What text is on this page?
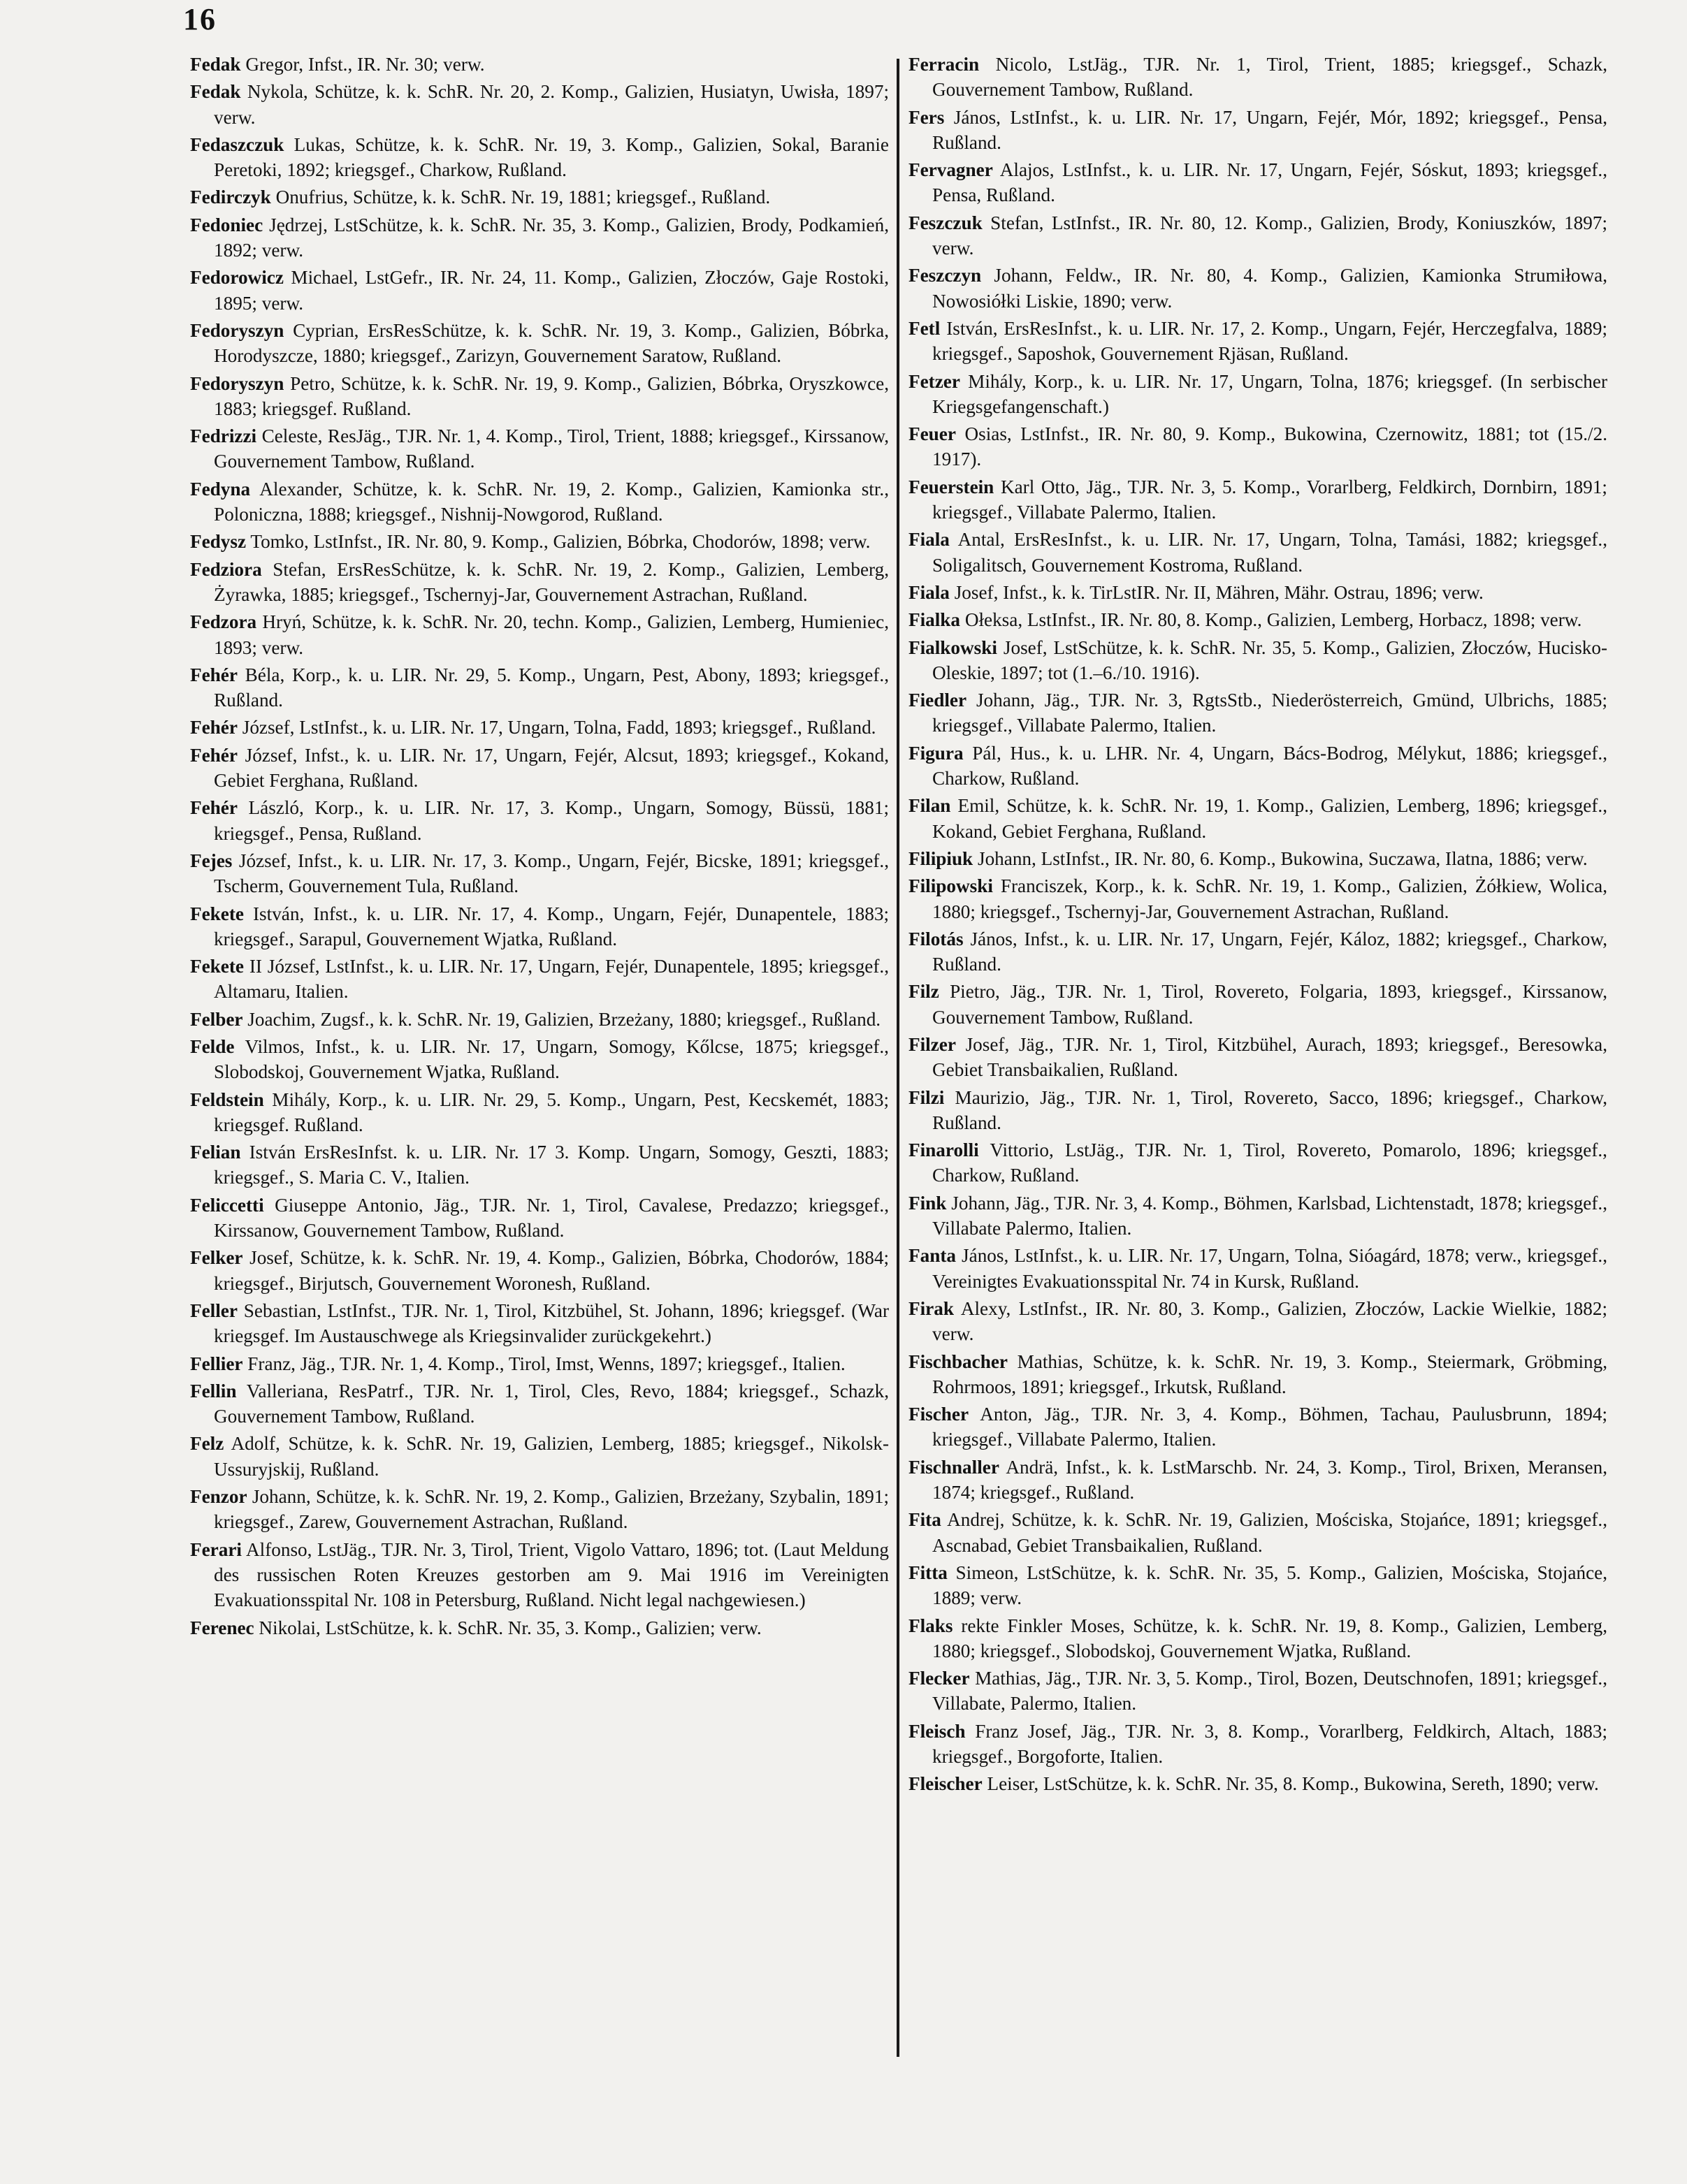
16
Fedak Gregor, Infst., IR. Nr. 30; verw.
Fedak Nykola, Schütze, k. k. SchR. Nr. 20, 2. Komp., Galizien, Husiatyn, Uwisła, 1897; verw.
Fedaszczuk Lukas, Schütze, k. k. SchR. Nr. 19, 3. Komp., Galizien, Sokal, Baranie Peretoki, 1892; kriegsgef., Charkow, Rußland.
Fedirczyk Onufrius, Schütze, k. k. SchR. Nr. 19, 1881; kriegsgef., Rußland.
Fedoniec Jędrzej, LstSchütze, k. k. SchR. Nr. 35, 3. Komp., Galizien, Brody, Podkamień, 1892; verw.
Fedorowicz Michael, LstGefr., IR. Nr. 24, 11. Komp., Galizien, Złoczów, Gaje Rostoki, 1895; verw.
Fedoryszyn Cyprian, ErsResSchütze, k. k. SchR. Nr. 19, 3. Komp., Galizien, Bóbrka, Horodyszcze, 1880; kriegsgef., Zarizyn, Gouvernement Saratow, Rußland.
Fedoryszyn Petro, Schütze, k. k. SchR. Nr. 19, 9. Komp., Galizien, Bóbrka, Oryszkowce, 1883; kriegsgef. Rußland.
Fedrizzi Celeste, ResJäg., TJR. Nr. 1, 4. Komp., Tirol, Trient, 1888; kriegsgef., Kirssanow, Gouvernement Tambow, Rußland.
Fedyna Alexander, Schütze, k. k. SchR. Nr. 19, 2. Komp., Galizien, Kamionka str., Poloniczna, 1888; kriegsgef., Nishnij-Nowgorod, Rußland.
Fedysz Tomko, LstInfst., IR. Nr. 80, 9. Komp., Galizien, Bóbrka, Chodorów, 1898; verw.
Fedziora Stefan, ErsResSchütze, k. k. SchR. Nr. 19, 2. Komp., Galizien, Lemberg, Żyrawka, 1885; kriegsgef., Tschernyj-Jar, Gouvernement Astrachan, Rußland.
Fedzora Hryń, Schütze, k. k. SchR. Nr. 20, techn. Komp., Galizien, Lemberg, Humieniec, 1893; verw.
Fehér Béla, Korp., k. u. LIR. Nr. 29, 5. Komp., Ungarn, Pest, Abony, 1893; kriegsgef., Rußland.
Fehér József, LstInfst., k. u. LIR. Nr. 17, Ungarn, Tolna, Fadd, 1893; kriegsgef., Rußland.
Fehér József, Infst., k. u. LIR. Nr. 17, Ungarn, Fejér, Alcsut, 1893; kriegsgef., Kokand, Gebiet Ferghana, Rußland.
Fehér László, Korp., k. u. LIR. Nr. 17, 3. Komp., Ungarn, Somogy, Büssü, 1881; kriegsgef., Pensa, Rußland.
Fejes József, Infst., k. u. LIR. Nr. 17, 3. Komp., Ungarn, Fejér, Bicske, 1891; kriegsgef., Tscherm, Gouvernement Tula, Rußland.
Fekete István, Infst., k. u. LIR. Nr. 17, 4. Komp., Ungarn, Fejér, Dunapentele, 1883; kriegsgef., Sarapul, Gouvernement Wjatka, Rußland.
Fekete II József, LstInfst., k. u. LIR. Nr. 17, Ungarn, Fejér, Dunapentele, 1895; kriegsgef., Altamaru, Italien.
Felber Joachim, Zugsf., k. k. SchR. Nr. 19, Galizien, Brzeżany, 1880; kriegsgef., Rußland.
Felde Vilmos, Infst., k. u. LIR. Nr. 17, Ungarn, Somogy, Kőlcse, 1875; kriegsgef., Slobodskoj, Gouvernement Wjatka, Rußland.
Feldstein Mihály, Korp., k. u. LIR. Nr. 29, 5. Komp., Ungarn, Pest, Kecskemét, 1883; kriegsgef. Rußland.
Felian István ErsResInfst. k. u. LIR. Nr. 17 3. Komp. Ungarn, Somogy, Geszti, 1883; kriegsgef., S. Maria C. V., Italien.
Feliccetti Giuseppe Antonio, Jäg., TJR. Nr. 1, Tirol, Cavalese, Predazzo; kriegsgef., Kirssanow, Gouvernement Tambow, Rußland.
Felker Josef, Schütze, k. k. SchR. Nr. 19, 4. Komp., Galizien, Bóbrka, Chodorów, 1884; kriegsgef., Birjutsch, Gouvernement Woronesh, Rußland.
Feller Sebastian, LstInfst., TJR. Nr. 1, Tirol, Kitzbühel, St. Johann, 1896; kriegsgef. (War kriegsgef. Im Austauschwege als Kriegsinvalider zurückgekehrt.)
Fellier Franz, Jäg., TJR. Nr. 1, 4. Komp., Tirol, Imst, Wenns, 1897; kriegsgef., Italien.
Fellin Valleriana, ResPatrf., TJR. Nr. 1, Tirol, Cles, Revo, 1884; kriegsgef., Schazk, Gouvernement Tambow, Rußland.
Felz Adolf, Schütze, k. k. SchR. Nr. 19, Galizien, Lemberg, 1885; kriegsgef., Nikolsk-Ussuryjskij, Rußland.
Fenzor Johann, Schütze, k. k. SchR. Nr. 19, 2. Komp., Galizien, Brzeżany, Szybalin, 1891; kriegsgef., Zarew, Gouvernement Astrachan, Rußland.
Ferari Alfonso, LstJäg., TJR. Nr. 3, Tirol, Trient, Vigolo Vattaro, 1896; tot. (Laut Meldung des russischen Roten Kreuzes gestorben am 9. Mai 1916 im Vereinigten Evakuationsspital Nr. 108 in Petersburg, Rußland. Nicht legal nachgewiesen.)
Ferenec Nikolai, LstSchütze, k. k. SchR. Nr. 35, 3. Komp., Galizien; verw.
Ferracin Nicolo, LstJäg., TJR. Nr. 1, Tirol, Trient, 1885; kriegsgef., Schazk, Gouvernement Tambow, Rußland.
Fers János, LstInfst., k. u. LIR. Nr. 17, Ungarn, Fejér, Mór, 1892; kriegsgef., Pensa, Rußland.
Fervagner Alajos, LstInfst., k. u. LIR. Nr. 17, Ungarn, Fejér, Sóskut, 1893; kriegsgef., Pensa, Rußland.
Feszczuk Stefan, LstInfst., IR. Nr. 80, 12. Komp., Galizien, Brody, Koniuszków, 1897; verw.
Feszczyn Johann, Feldw., IR. Nr. 80, 4. Komp., Galizien, Kamionka Strumiłowa, Nowosiółki Liskie, 1890; verw.
Fetl István, ErsResInfst., k. u. LIR. Nr. 17, 2. Komp., Ungarn, Fejér, Herczegfalva, 1889; kriegsgef., Saposhok, Gouvernement Rjäsan, Rußland.
Fetzer Mihály, Korp., k. u. LIR. Nr. 17, Ungarn, Tolna, 1876; kriegsgef. (In serbischer Kriegsgefangenschaft.)
Feuer Osias, LstInfst., IR. Nr. 80, 9. Komp., Bukowina, Czernowitz, 1881; tot (15./2. 1917).
Feuerstein Karl Otto, Jäg., TJR. Nr. 3, 5. Komp., Vorarlberg, Feldkirch, Dornbirn, 1891; kriegsgef., Villabate Palermo, Italien.
Fiala Antal, ErsResInfst., k. u. LIR. Nr. 17, Ungarn, Tolna, Tamási, 1882; kriegsgef., Soligalitsch, Gouvernement Kostroma, Rußland.
Fiala Josef, Infst., k. k. TirLstIR. Nr. II, Mähren, Mähr. Ostrau, 1896; verw.
Fialka Ołeksa, LstInfst., IR. Nr. 80, 8. Komp., Galizien, Lemberg, Horbacz, 1898; verw.
Fialkowski Josef, LstSchütze, k. k. SchR. Nr. 35, 5. Komp., Galizien, Złoczów, Hucisko-Oleskie, 1897; tot (1.–6./10. 1916).
Fiedler Johann, Jäg., TJR. Nr. 3, RgtsStb., Niederösterreich, Gmünd, Ulbrichs, 1885; kriegsgef., Villabate Palermo, Italien.
Figura Pál, Hus., k. u. LHR. Nr. 4, Ungarn, Bács-Bodrog, Mélykut, 1886; kriegsgef., Charkow, Rußland.
Filan Emil, Schütze, k. k. SchR. Nr. 19, 1. Komp., Galizien, Lemberg, 1896; kriegsgef., Kokand, Gebiet Ferghana, Rußland.
Filipiuk Johann, LstInfst., IR. Nr. 80, 6. Komp., Bukowina, Suczawa, Ilatna, 1886; verw.
Filipowski Franciszek, Korp., k. k. SchR. Nr. 19, 1. Komp., Galizien, Żółkiew, Wolica, 1880; kriegsgef., Tschernyj-Jar, Gouvernement Astrachan, Rußland.
Filotás János, Infst., k. u. LIR. Nr. 17, Ungarn, Fejér, Káloz, 1882; kriegsgef., Charkow, Rußland.
Filz Pietro, Jäg., TJR. Nr. 1, Tirol, Rovereto, Folgaria, 1893, kriegsgef., Kirssanow, Gouvernement Tambow, Rußland.
Filzer Josef, Jäg., TJR. Nr. 1, Tirol, Kitzbühel, Aurach, 1893; kriegsgef., Beresowka, Gebiet Transbaikalien, Rußland.
Filzi Maurizio, Jäg., TJR. Nr. 1, Tirol, Rovereto, Sacco, 1896; kriegsgef., Charkow, Rußland.
Finarolli Vittorio, LstJäg., TJR. Nr. 1, Tirol, Rovereto, Pomarolo, 1896; kriegsgef., Charkow, Rußland.
Fink Johann, Jäg., TJR. Nr. 3, 4. Komp., Böhmen, Karlsbad, Lichtenstadt, 1878; kriegsgef., Villabate Palermo, Italien.
Fanta János, LstInfst., k. u. LIR. Nr. 17, Ungarn, Tolna, Sióagárd, 1878; verw., kriegsgef., Vereinigtes Evakuationsspital Nr. 74 in Kursk, Rußland.
Firak Alexy, LstInfst., IR. Nr. 80, 3. Komp., Galizien, Złoczów, Lackie Wielkie, 1882; verw.
Fischbacher Mathias, Schütze, k. k. SchR. Nr. 19, 3. Komp., Steiermark, Gröbming, Rohrmoos, 1891; kriegsgef., Irkutsk, Rußland.
Fischer Anton, Jäg., TJR. Nr. 3, 4. Komp., Böhmen, Tachau, Paulusbrunn, 1894; kriegsgef., Villabate Palermo, Italien.
Fischnaller Andrä, Infst., k. k. LstMarschb. Nr. 24, 3. Komp., Tirol, Brixen, Meransen, 1874; kriegsgef., Rußland.
Fita Andrej, Schütze, k. k. SchR. Nr. 19, Galizien, Mościska, Stojańce, 1891; kriegsgef., Ascnabad, Gebiet Transbaikalien, Rußland.
Fitta Simeon, LstSchütze, k. k. SchR. Nr. 35, 5. Komp., Galizien, Mościska, Stojańce, 1889; verw.
Flaks rekte Finkler Moses, Schütze, k. k. SchR. Nr. 19, 8. Komp., Galizien, Lemberg, 1880; kriegsgef., Slobodskoj, Gouvernement Wjatka, Rußland.
Flecker Mathias, Jäg., TJR. Nr. 3, 5. Komp., Tirol, Bozen, Deutschnofen, 1891; kriegsgef., Villabate, Palermo, Italien.
Fleisch Franz Josef, Jäg., TJR. Nr. 3, 8. Komp., Vorarlberg, Feldkirch, Altach, 1883; kriegsgef., Borgoforte, Italien.
Fleischer Leiser, LstSchütze, k. k. SchR. Nr. 35, 8. Komp., Bukowina, Sereth, 1890; verw.
